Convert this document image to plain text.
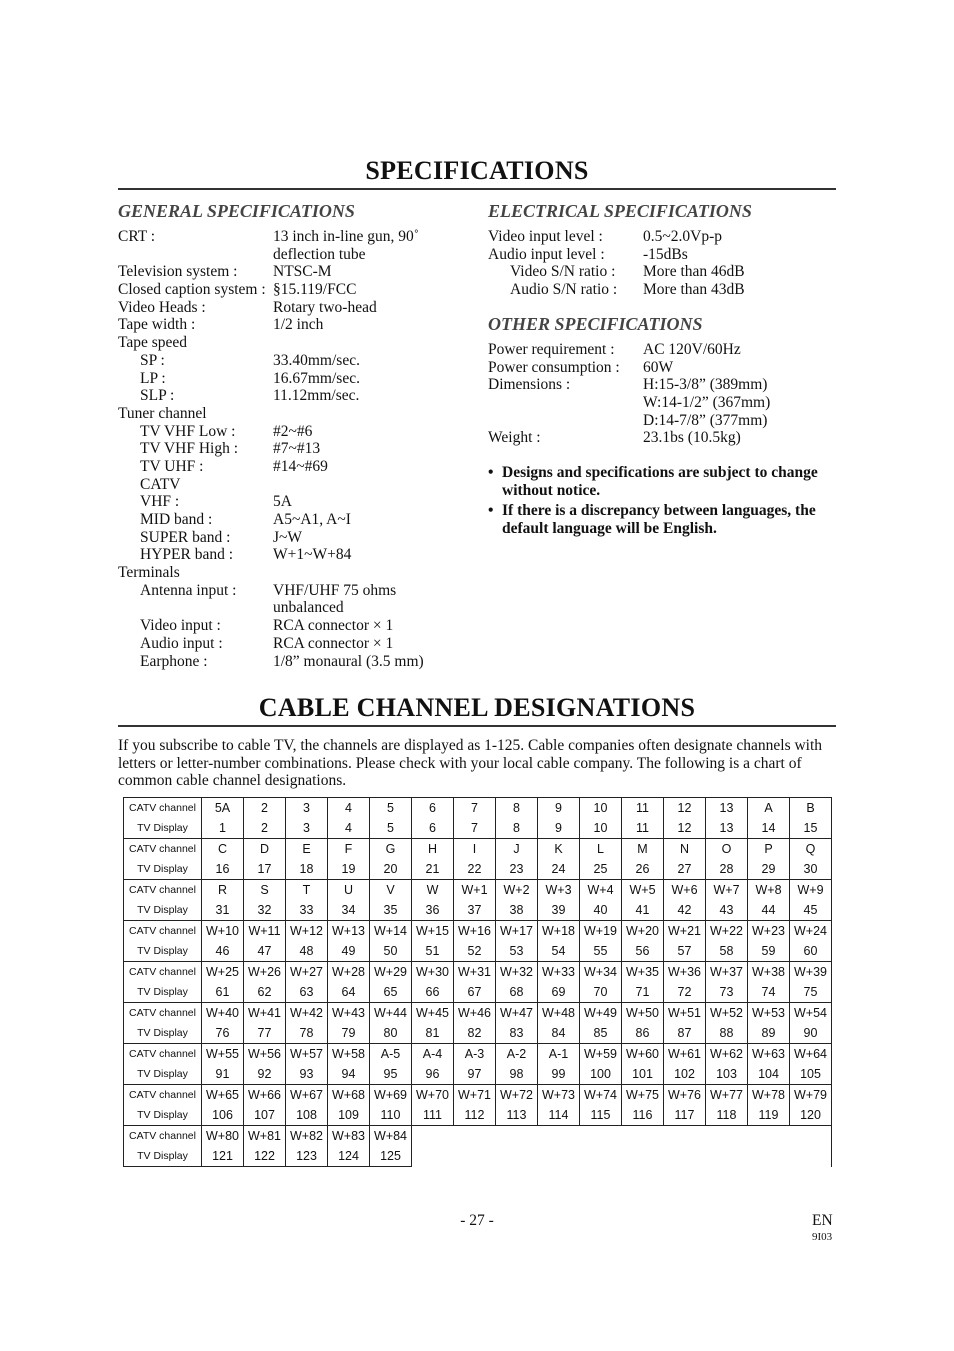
SPECIFICATIONS
GENERAL SPECIFICATIONS
CRT :	13 inch in-line gun, 90˚
deflection tube
Television system : NTSC-M
Closed caption system : §15.119/FCC
Video Heads :	Rotary two-head
Tape width :	1/2 inch
Tape speed
SP :	33.40mm/sec.
LP :	16.67mm/sec.
SLP :	11.12mm/sec.
Tuner channel
TV VHF Low : #2~#6
TV VHF High : #7~#13
TV UHF :	#14~#69
CATV
VHF :	5A
MID band :	A5~A1, A~I
SUPER band :	J~W
HYPER band :	W+1~W+84
Terminals
Antenna input : VHF/UHF 75 ohms
unbalanced
Video input :	RCA connector × 1
Audio input :	RCA connector × 1
Earphone :	1/8” monaural (3.5 mm)
ELECTRICAL SPECIFICATIONS
Video input level :	0.5~2.0Vp-p
Audio input level : -15dBs
Video S/N ratio : More than 46dB
Audio S/N ratio : More than 43dB
OTHER SPECIFICATIONS
Power requirement : AC 120V/60Hz
Power consumption : 60W
Dimensions :	H:15-3/8” (389mm)
W:14-1/2” (367mm)
D:14-7/8” (377mm)
Weight :	23.1bs (10.5kg)
• Designs and specifications are subject to change without notice.
• If there is a discrepancy between languages, the default language will be English.
CABLE CHANNEL DESIGNATIONS
If you subscribe to cable TV, the channels are displayed as 1-125. Cable companies often designate channels with letters or letter-number combinations. Please check with your local cable company. The following is a chart of common cable channel designations.
CATV channel	5A	2	3	4	5	6	7	8	9	10	11	12	13	A	B
TV Display	1	2	3	4	5	6	7	8	9	10	11	12	13	14	15
CATV channel	C	D	E	F	G	H	I	J	K	L	M	N	O	P	Q
TV Display	16	17	18	19	20	21	22	23	24	25	26	27	28	29	30
CATV channel	R	S	T	U	V	W	W+1	W+2	W+3	W+4	W+5	W+6	W+7	W+8	W+9
TV Display	31	32	33	34	35	36	37	38	39	40	41	42	43	44	45
CATV channel	W+10	W+11	W+12	W+13	W+14	W+15	W+16	W+17	W+18	W+19	W+20	W+21	W+22	W+23	W+24
TV Display	46	47	48	49	50	51	52	53	54	55	56	57	58	59	60
CATV channel	W+25	W+26	W+27	W+28	W+29	W+30	W+31	W+32	W+33	W+34	W+35	W+36	W+37	W+38	W+39
TV Display	61	62	63	64	65	66	67	68	69	70	71	72	73	74	75
CATV channel	W+40	W+41	W+42	W+43	W+44	W+45	W+46	W+47	W+48	W+49	W+50	W+51	W+52	W+53	W+54
TV Display	76	77	78	79	80	81	82	83	84	85	86	87	88	89	90
CATV channel	W+55	W+56	W+57	W+58	A-5	A-4	A-3	A-2	A-1	W+59	W+60	W+61	W+62	W+63	W+64
TV Display	91	92	93	94	95	96	97	98	99	100	101	102	103	104	105
CATV channel	W+65	W+66	W+67	W+68	W+69	W+70	W+71	W+72	W+73	W+74	W+75	W+76	W+77	W+78	W+79
TV Display	106	107	108	109	110	111	112	113	114	115	116	117	118	119	120
CATV channel	W+80	W+81	W+82	W+83	W+84										
TV Display	121	122	123	124	125										
- 27 -	EN
9I03
